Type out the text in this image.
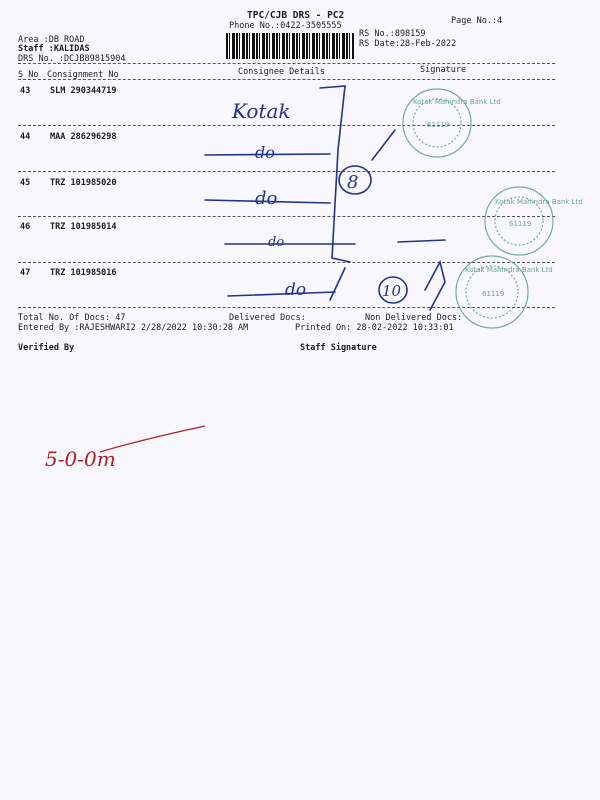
TPC/CJB DRS - PC2
Phone No.:0422-3505555	Page No.:4
RS No.:898159
RS Date:28-Feb-2022
Area :DB ROAD
Staff :KALIDAS
DRS No. :DCJB89815904
S No Consignment No	Consignee Details	Signature
43 SLM 290344719
44 MAA 286296298
45 TRZ 101985020
46 TRZ 101985014
47 TRZ 101985016
Total No. Of Docs: 47	Delivered Docs:	Non Delivered Docs:
Entered By :RAJESHWARI2 2/28/2022 10:30:28 AM	Printed On: 28-02-2022 10:33:01
Verified By	Staff Signature
Kotak Mahindra Bank Ltd
61119
Kotak Mahindra Bank Ltd
61119
Kotak Mahindra Bank Ltd
61119
Kotak
do
do
do
do
8
10
5-0-0m
